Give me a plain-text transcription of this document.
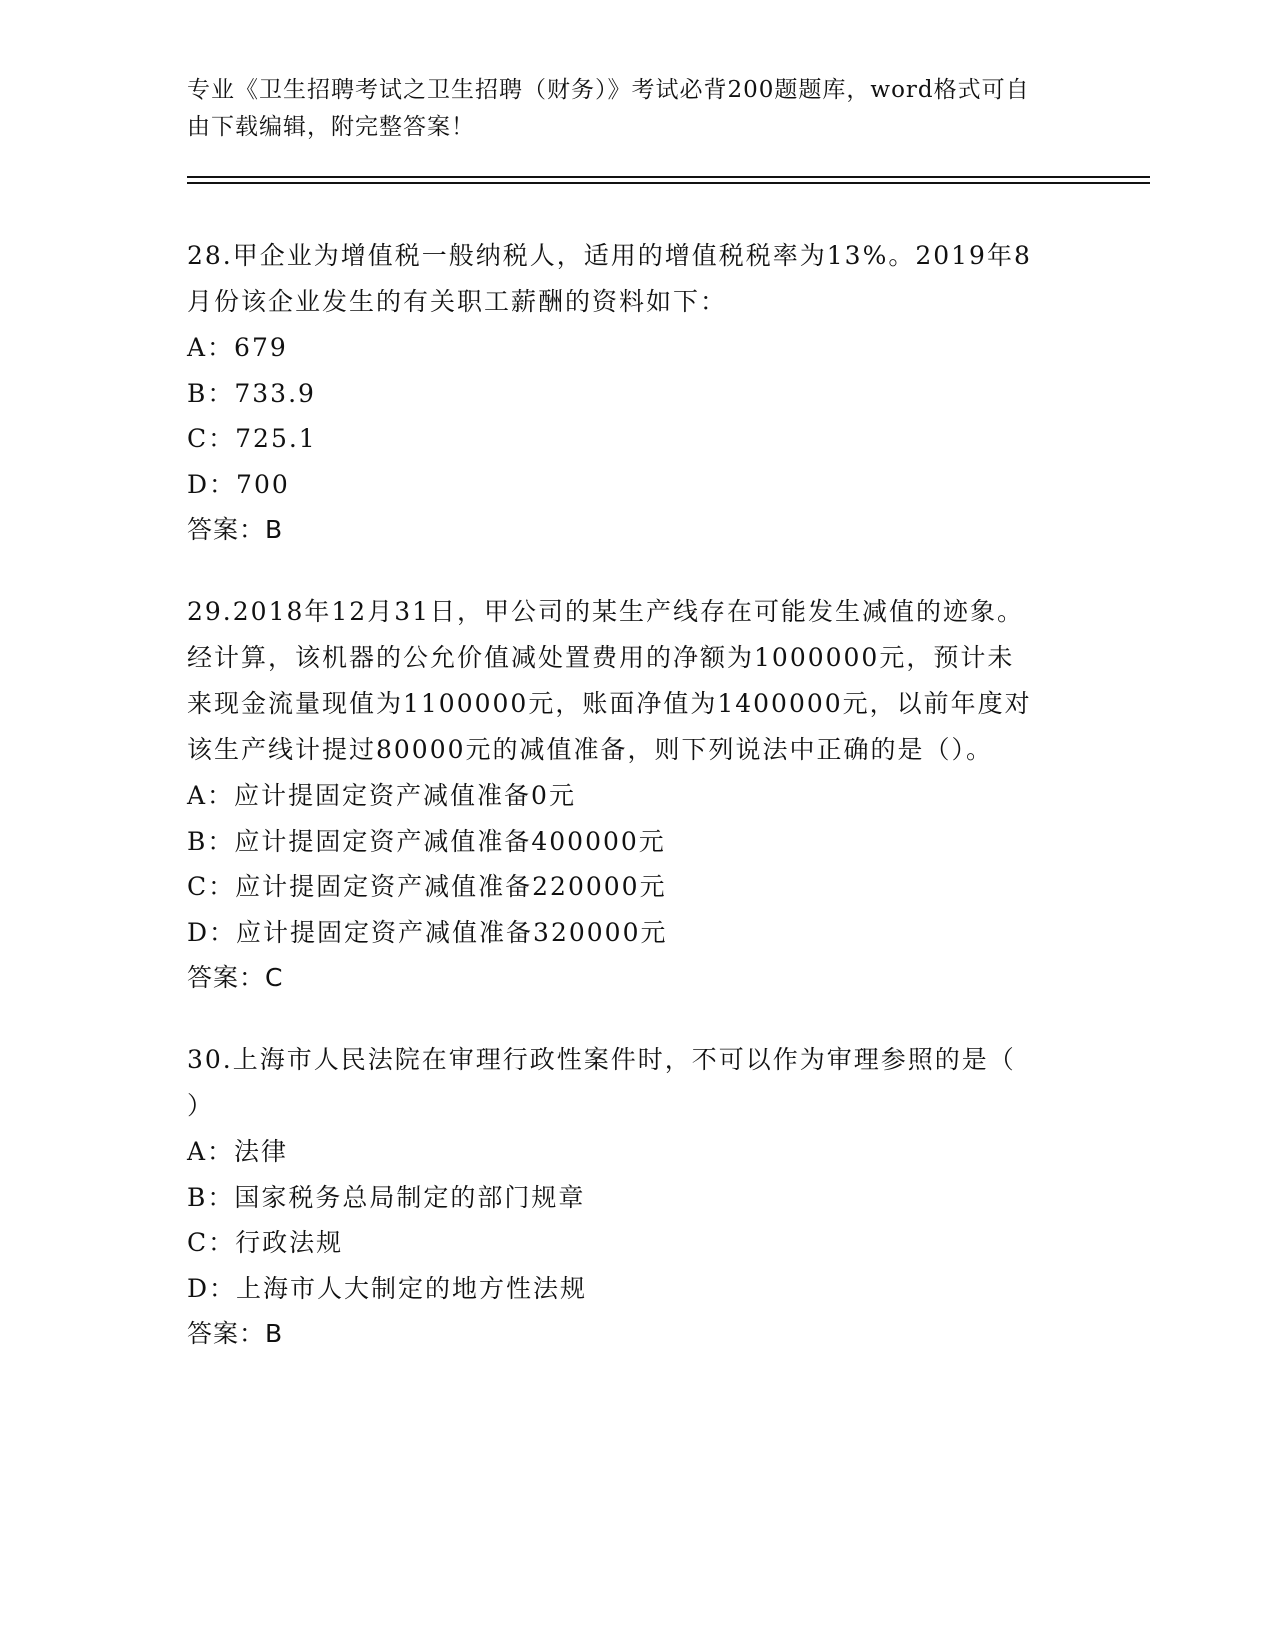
专业《卫生招聘考试之卫生招聘（财务）》考试必背200题题库，word格式可自

由下载编辑，附完整答案！

28.甲企业为增值税一般纳税人，适用的增值税税率为13%。2019年8

月份该企业发生的有关职工薪酬的资料如下：

A：679

B：733.9

C：725.1

D：700

答案：B

29.2018年12月31日，甲公司的某生产线存在可能发生减值的迹象。

经计算，该机器的公允价值减处置费用的净额为1000000元，预计未

来现金流量现值为1100000元，账面净值为1400000元，以前年度对

该生产线计提过80000元的减值准备，则下列说法中正确的是（）。

A：应计提固定资产减值准备0元

B：应计提固定资产减值准备400000元

C：应计提固定资产减值准备220000元

D：应计提固定资产减值准备320000元

答案：C

30.上海市人民法院在审理行政性案件时，不可以作为审理参照的是（

）

A：法律

B：国家税务总局制定的部门规章

C：行政法规

D：上海市人大制定的地方性法规

答案：B
